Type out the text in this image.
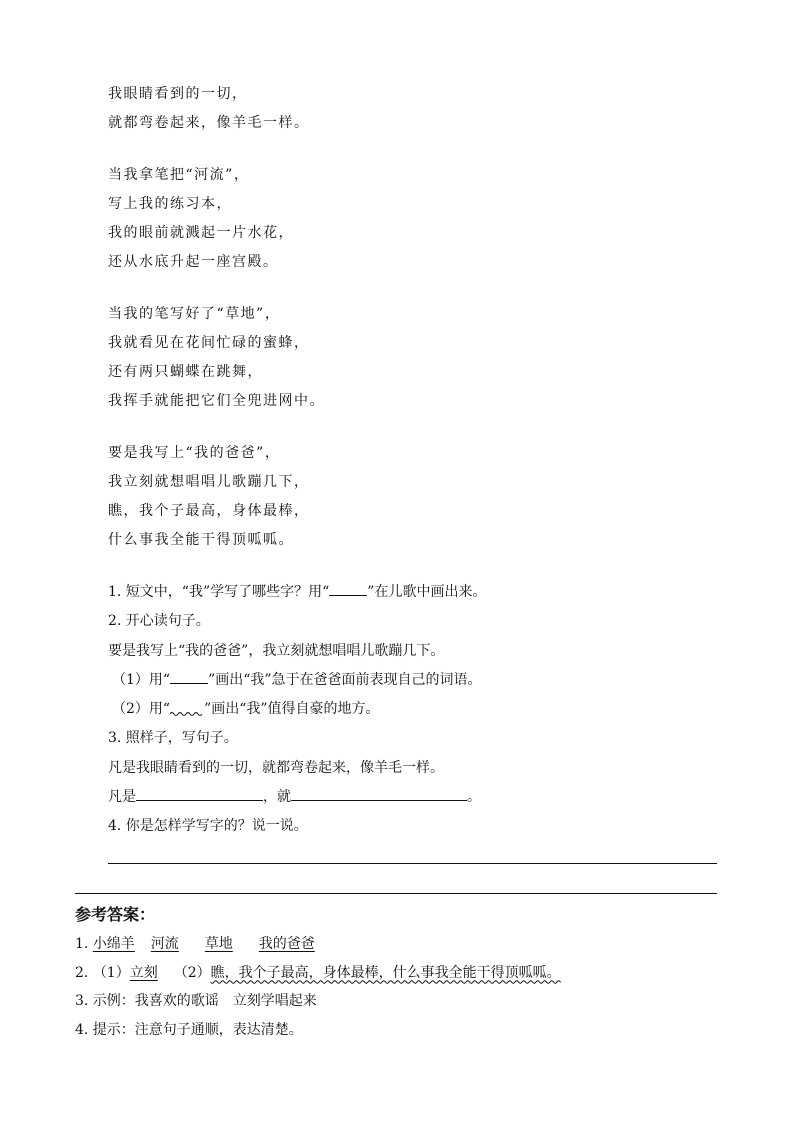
我眼睛看到的一切，
就都弯卷起来，像羊毛一样。
当我拿笔把“河流”，
写上我的练习本，
我的眼前就溅起一片水花，
还从水底升起一座宫殿。
当我的笔写好了“草地”，
我就看见在花间忙碌的蜜蜂，
还有两只蝴蝶在跳舞，
我挥手就能把它们全兜进网中。
要是我写上“我的爸爸”，
我立刻就想唱唱儿歌蹦几下，
瞧，我个子最高，身体最棒，
什么事我全能干得顶呱呱。
1. 短文中，“我”学写了哪些字？用“	”在儿歌中画出来。
2. 开心读句子。
要是我写上“我的爸爸”，我立刻就想唱唱儿歌蹦几下。
（1）用“	”画出“我”急于在爸爸面前表现自己的词语。
（2）用“ ”画出“我”值得自豪的地方。
3. 照样子，写句子。
凡是我眼睛看到的一切，就都弯卷起来，像羊毛一样。
凡是	，就	。
4. 你是怎样学写字的？说一说。
参考答案：
1. 小绵羊 河流 草地 我的爸爸
2. （1）立刻 （2）瞧，我个子最高，身体最棒，什么事我全能干得顶呱呱。
3. 示例：我喜欢的歌谣　立刻学唱起来
4. 提示：注意句子通顺，表达清楚。
